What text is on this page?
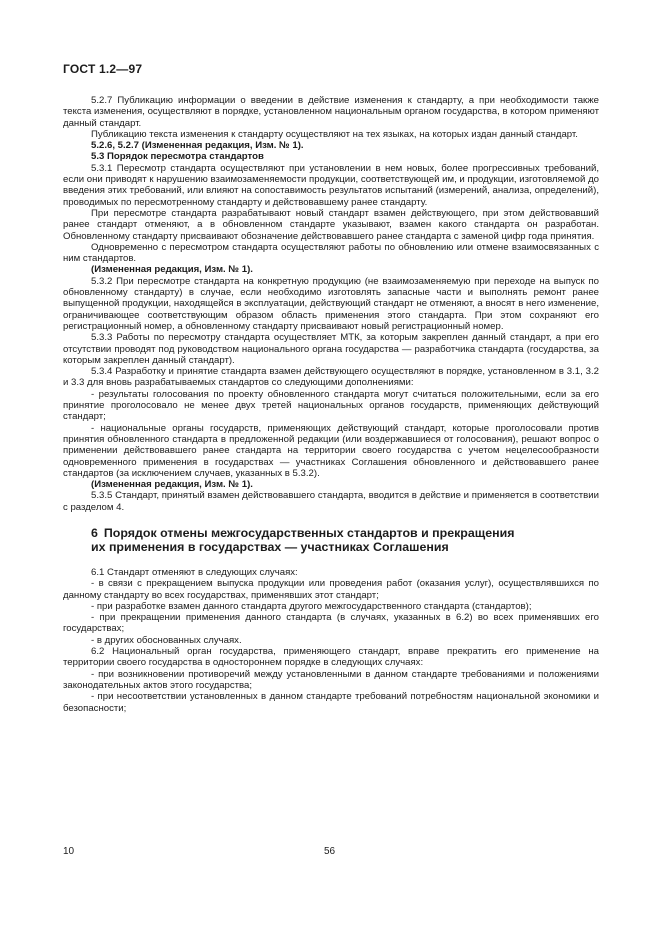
ГОСТ 1.2—97

5.2.7 Публикацию информации о введении в действие изменения к стандарту, а при необходимости также текста изменения, осуществляют в порядке, установленном национальным органом государства, в котором применяют данный стандарт.

Публикацию текста изменения к стандарту осуществляют на тех языках, на которых издан данный стандарт.

5.2.6, 5.2.7 (Измененная редакция, Изм. № 1).

5.3 Порядок пересмотра стандартов

5.3.1 Пересмотр стандарта осуществляют при установлении в нем новых, более прогрессивных требований, если они приводят к нарушению взаимозаменяемости продукции, соответствующей им, и продукции, изготовляемой до введения этих требований, или влияют на сопоставимость результатов испытаний (измерений, анализа, определений), проводимых по пересмотренному стандарту и действовавшему ранее стандарту.

При пересмотре стандарта разрабатывают новый стандарт взамен действующего, при этом действовавший ранее стандарт отменяют, а в обновленном стандарте указывают, взамен какого стандарта он разработан. Обновленному стандарту присваивают обозначение действовавшего ранее стандарта с заменой цифр года принятия.

Одновременно с пересмотром стандарта осуществляют работы по обновлению или отмене взаимосвязанных с ним стандартов.

(Измененная редакция, Изм. № 1).

5.3.2 При пересмотре стандарта на конкретную продукцию (не взаимозаменяемую при переходе на выпуск по обновленному стандарту) в случае, если необходимо изготовлять запасные части и выполнять ремонт ранее выпущенной продукции, находящейся в эксплуатации, действующий стандарт не отменяют, а вносят в него изменение, ограничивающее соответствующим образом область применения этого стандарта. При этом сохраняют его регистрационный номер, а обновленному стандарту присваивают новый регистрационный номер.

5.3.3 Работы по пересмотру стандарта осуществляет МТК, за которым закреплен данный стандарт, а при его отсутствии проводят под руководством национального органа государства — разработчика стандарта (государства, за которым закреплен данный стандарт).

5.3.4 Разработку и принятие стандарта взамен действующего осуществляют в порядке, установленном в 3.1, 3.2 и 3.3 для вновь разрабатываемых стандартов со следующими дополнениями:

- результаты голосования по проекту обновленного стандарта могут считаться положительными, если за его принятие проголосовало не менее двух третей национальных органов государств, применяющих действующий стандарт;

- национальные органы государств, применяющих действующий стандарт, которые проголосовали против принятия обновленного стандарта в предложенной редакции (или воздержавшиеся от голосования), решают вопрос о применении действовавшего ранее стандарта на территории своего государства с учетом нецелесообразности одновременного применения в государствах — участниках Соглашения обновленного и действовавшего ранее стандартов (за исключением случаев, указанных в 5.3.2).

(Измененная редакция, Изм. № 1).

5.3.5 Стандарт, принятый взамен действовавшего стандарта, вводится в действие и применяется в соответствии с разделом 4.

6 Порядок отмены межгосударственных стандартов и прекращения
их применения в государствах — участниках Соглашения

6.1 Стандарт отменяют в следующих случаях:

- в связи с прекращением выпуска продукции или проведения работ (оказания услуг), осуществлявшихся по данному стандарту во всех государствах, применявших этот стандарт;

- при разработке взамен данного стандарта другого межгосударственного стандарта (стандартов);

- при прекращении применения данного стандарта (в случаях, указанных в 6.2) во всех применявших его государствах;

- в других обоснованных случаях.

6.2 Национальный орган государства, применяющего стандарт, вправе прекратить его применение на территории своего государства в одностороннем порядке в следующих случаях:

- при возникновении противоречий между установленными в данном стандарте требованиями и положениями законодательных актов этого государства;

- при несоответствии установленных в данном стандарте требований потребностям национальной экономики и безопасности;

10	56
